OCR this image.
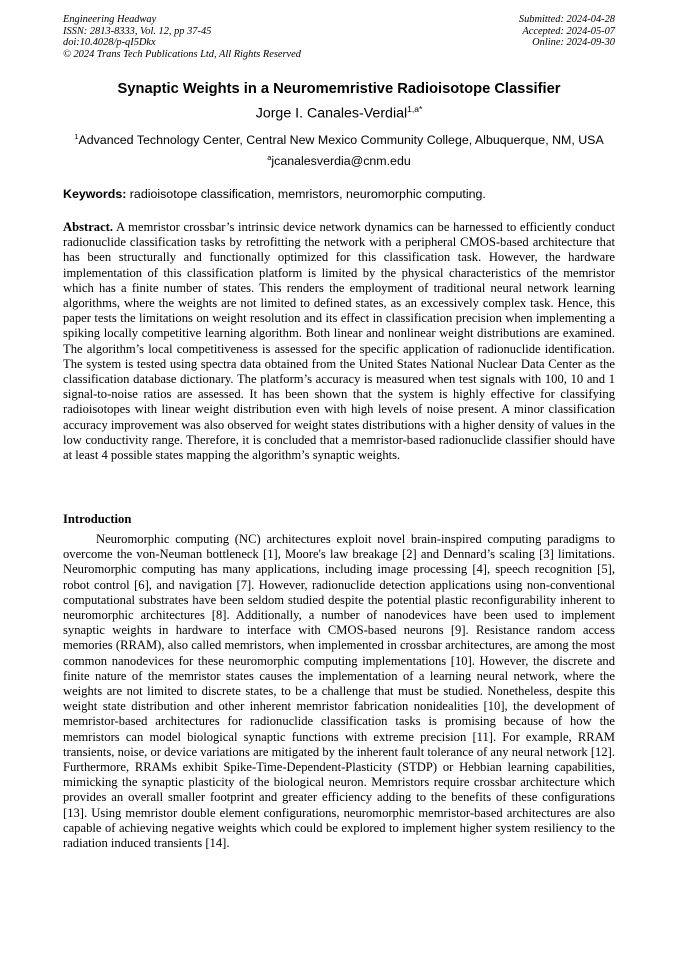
Engineering Headway
ISSN: 2813-8333, Vol. 12, pp 37-45
doi:10.4028/p-qI5Dkx
© 2024 Trans Tech Publications Ltd, All Rights Reserved
Submitted: 2024-04-28
Accepted: 2024-05-07
Online: 2024-09-30
Synaptic Weights in a Neuromemristive Radioisotope Classifier
Jorge I. Canales-Verdial$^{1,a*}$
$^1$Advanced Technology Center, Central New Mexico Community College, Albuquerque, NM, USA
$^a$jcanalesverdia@cnm.edu
Keywords: radioisotope classification, memristors, neuromorphic computing.
Abstract. A memristor crossbar’s intrinsic device network dynamics can be harnessed to efficiently conduct radionuclide classification tasks by retrofitting the network with a peripheral CMOS-based architecture that has been structurally and functionally optimized for this classification task. However, the hardware implementation of this classification platform is limited by the physical characteristics of the memristor which has a finite number of states. This renders the employment of traditional neural network learning algorithms, where the weights are not limited to defined states, as an excessively complex task. Hence, this paper tests the limitations on weight resolution and its effect in classification precision when implementing a spiking locally competitive learning algorithm. Both linear and nonlinear weight distributions are examined. The algorithm’s local competitiveness is assessed for the specific application of radionuclide identification. The system is tested using spectra data obtained from the United States National Nuclear Data Center as the classification database dictionary. The platform’s accuracy is measured when test signals with 100, 10 and 1 signal-to-noise ratios are assessed. It has been shown that the system is highly effective for classifying radioisotopes with linear weight distribution even with high levels of noise present. A minor classification accuracy improvement was also observed for weight states distributions with a higher density of values in the low conductivity range. Therefore, it is concluded that a memristor-based radionuclide classifier should have at least 4 possible states mapping the algorithm’s synaptic weights.
Introduction
Neuromorphic computing (NC) architectures exploit novel brain-inspired computing paradigms to overcome the von-Neuman bottleneck [1], Moore's law breakage [2] and Dennard’s scaling [3] limitations. Neuromorphic computing has many applications, including image processing [4], speech recognition [5], robot control [6], and navigation [7]. However, radionuclide detection applications using non-conventional computational substrates have been seldom studied despite the potential plastic reconfigurability inherent to neuromorphic architectures [8]. Additionally, a number of nanodevices have been used to implement synaptic weights in hardware to interface with CMOS-based neurons [9]. Resistance random access memories (RRAM), also called memristors, when implemented in crossbar architectures, are among the most common nanodevices for these neuromorphic computing implementations [10]. However, the discrete and finite nature of the memristor states causes the implementation of a learning neural network, where the weights are not limited to discrete states, to be a challenge that must be studied. Nonetheless, despite this weight state distribution and other inherent memristor fabrication nonidealities [10], the development of memristor-based architectures for radionuclide classification tasks is promising because of how the memristors can model biological synaptic functions with extreme precision [11]. For example, RRAM transients, noise, or device variations are mitigated by the inherent fault tolerance of any neural network [12]. Furthermore, RRAMs exhibit Spike-Time-Dependent-Plasticity (STDP) or Hebbian learning capabilities, mimicking the synaptic plasticity of the biological neuron. Memristors require crossbar architecture which provides an overall smaller footprint and greater efficiency adding to the benefits of these configurations [13]. Using memristor double element configurations, neuromorphic memristor-based architectures are also capable of achieving negative weights which could be explored to implement higher system resiliency to the radiation induced transients [14].
